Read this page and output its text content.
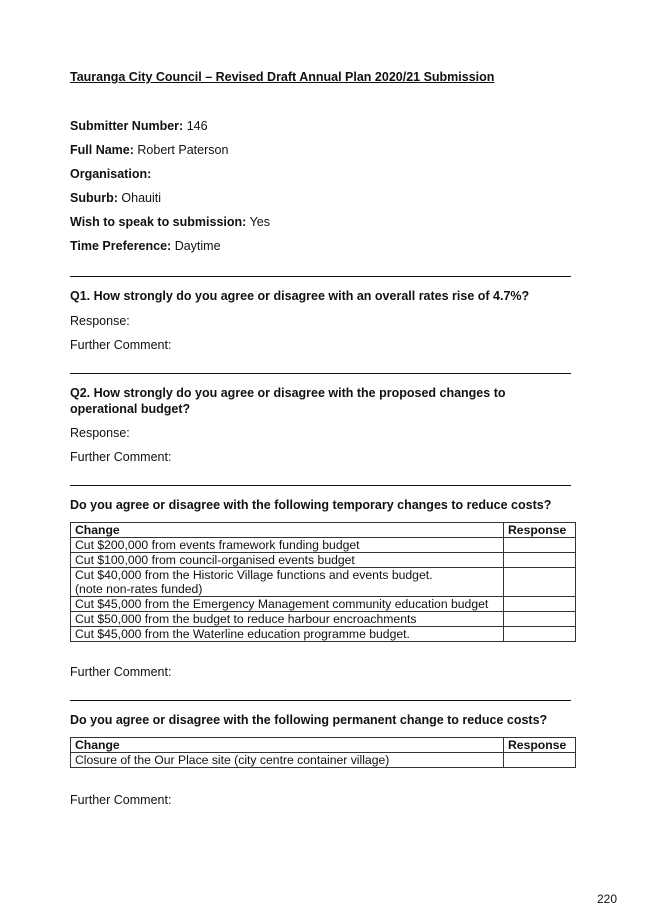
Tauranga City Council – Revised Draft Annual Plan 2020/21 Submission
Submitter Number: 146
Full Name: Robert Paterson
Organisation:
Suburb: Ohauiti
Wish to speak to submission: Yes
Time Preference: Daytime

Q1. How strongly do you agree or disagree with an overall rates rise of 4.7%?

Response:
Further Comment:

Q2. How strongly do you agree or disagree with the proposed changes to operational budget?

Response:
Further Comment:

Do you agree or disagree with the following temporary changes to reduce costs?

Change	Response

Cut $200,000 from events framework funding budget	

Cut $100,000 from council-organised events budget	

Cut $40,000 from the Historic Village functions and events budget.
(note non-rates funded)	

Cut $45,000 from the Emergency Management community education budget	

Cut $50,000 from the budget to reduce harbour encroachments	

Cut $45,000 from the Waterline education programme budget.	

Further Comment:

Do you agree or disagree with the following permanent change to reduce costs?

Change	Response

Closure of the Our Place site (city centre container village)	

Further Comment:
220
